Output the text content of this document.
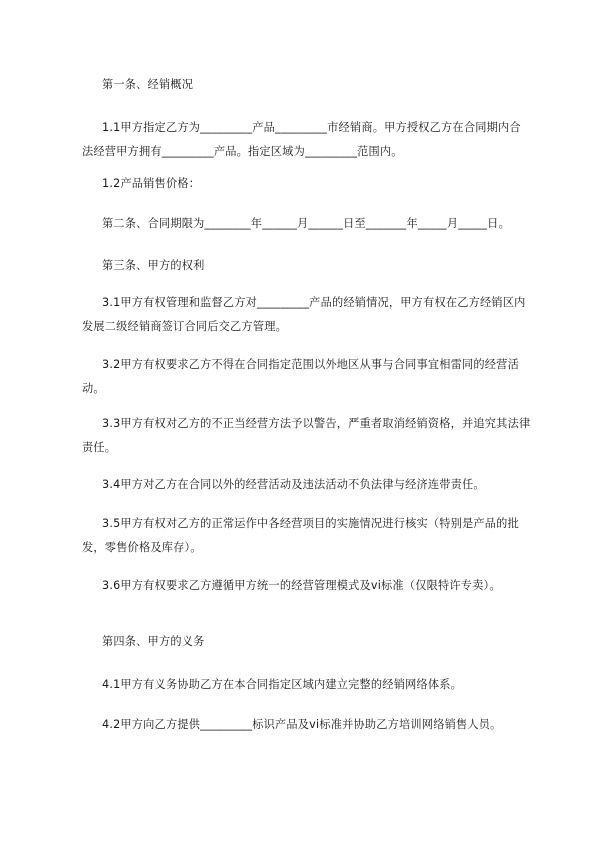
第一条、经销概况

1.1甲方指定乙方为_________产品_________市经销商。甲方授权乙方在合同期内合法经营甲方拥有_________产品。指定区域为_________范围内。

1.2产品销售价格：

第二条、合同期限为________年______月______日至_______年_____月_____日。

第三条、甲方的权利

3.1甲方有权管理和监督乙方对_________产品的经销情况，甲方有权在乙方经销区内发展二级经销商签订合同后交乙方管理。

3.2甲方有权要求乙方不得在合同指定范围以外地区从事与合同事宜相雷同的经营活动。

3.3甲方有权对乙方的不正当经营方法予以警告，严重者取消经销资格，并追究其法律责任。

3.4甲方对乙方在合同以外的经营活动及违法活动不负法律与经济连带责任。

3.5甲方有权对乙方的正常运作中各经营项目的实施情况进行核实（特别是产品的批发，零售价格及库存）。

3.6甲方有权要求乙方遵循甲方统一的经营管理模式及vi标准（仅限特许专卖）。

第四条、甲方的义务

4.1甲方有义务协助乙方在本合同指定区域内建立完整的经销网络体系。

4.2甲方向乙方提供_________标识产品及vi标准并协助乙方培训网络销售人员。
